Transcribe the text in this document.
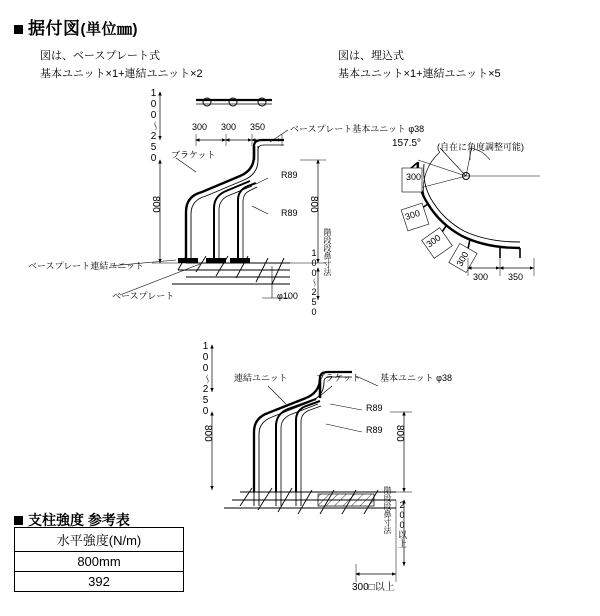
据付図(単位㎜)
図は、ベースプレート式
基本ユニット×1+連結ユニット×2
図は、埋込式
基本ユニット×1+連結ユニット×5
100〜250
800
300 300 350
ブラケット
R89
R89
ベースプレート基本ユニット φ38
ベースプレート連結ユニット
ベースプレート	φ100
800
階段段鼻寸法
100〜250
157.5° (自在に角度調整可能)
300
300
300
300
300 350
100〜250
800
連結ユニット	ブラケット 基本ユニット φ38
R89
R89 800
階段段鼻寸法 200以上
300□以上
支柱強度 参考表
水平強度(N/m)
800mm
392
